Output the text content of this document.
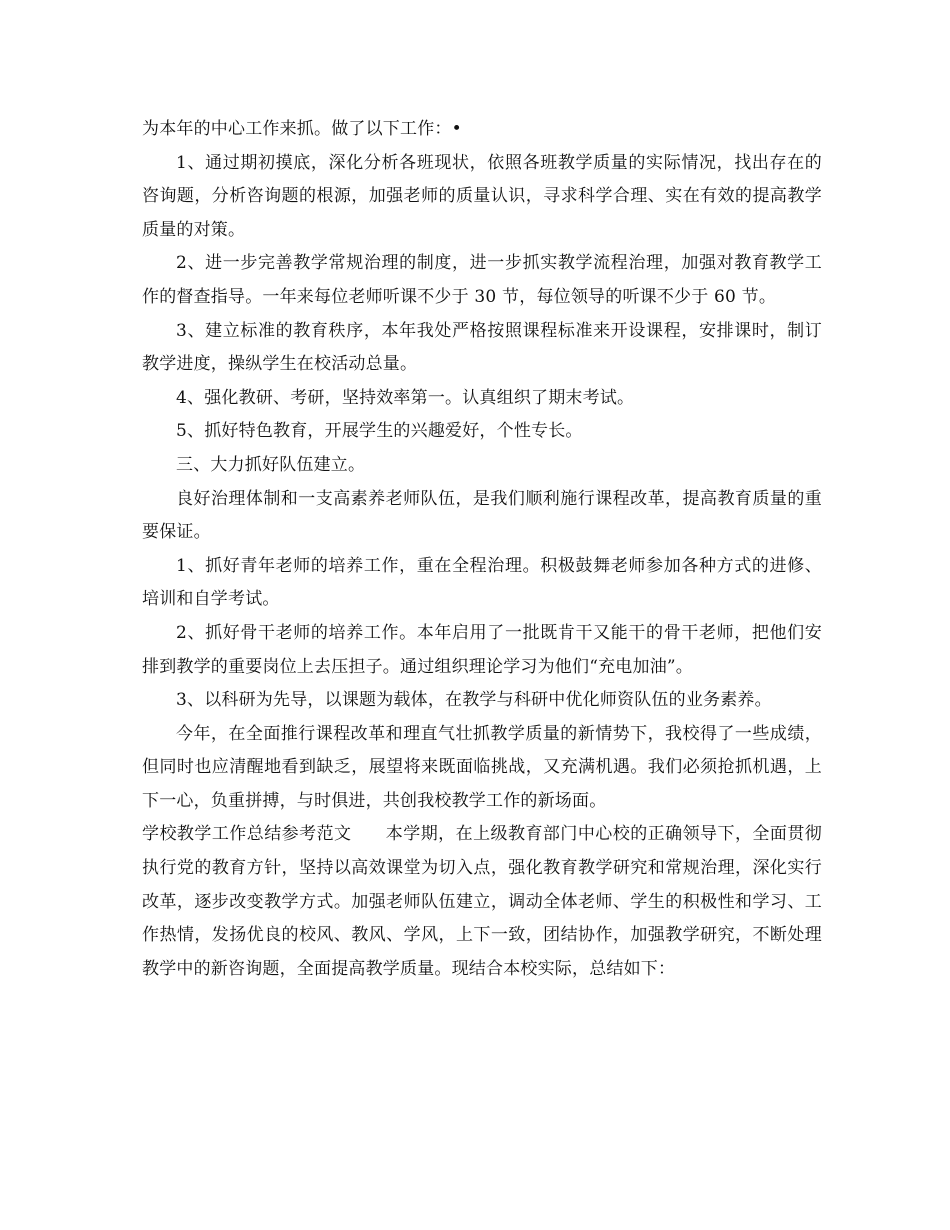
为本年的中心工作来抓。做了以下工作：•

1、通过期初摸底，深化分析各班现状，依照各班教学质量的实际情况，找出存在的咨询题，分析咨询题的根源，加强老师的质量认识，寻求科学合理、实在有效的提高教学质量的对策。

2、进一步完善教学常规治理的制度，进一步抓实教学流程治理，加强对教育教学工作的督查指导。一年来每位老师听课不少于 30 节，每位领导的听课不少于 60 节。

3、建立标准的教育秩序，本年我处严格按照课程标准来开设课程，安排课时，制订教学进度，操纵学生在校活动总量。

4、强化教研、考研，坚持效率第一。认真组织了期末考试。

5、抓好特色教育，开展学生的兴趣爱好，个性专长。

三、大力抓好队伍建立。

良好治理体制和一支高素养老师队伍，是我们顺利施行课程改革，提高教育质量的重要保证。

1、抓好青年老师的培养工作，重在全程治理。积极鼓舞老师参加各种方式的进修、培训和自学考试。

2、抓好骨干老师的培养工作。本年启用了一批既肯干又能干的骨干老师，把他们安排到教学的重要岗位上去压担子。通过组织理论学习为他们“充电加油”。

3、以科研为先导，以课题为载体，在教学与科研中优化师资队伍的业务素养。

今年，在全面推行课程改革和理直气壮抓教学质量的新情势下，我校得了一些成绩，但同时也应清醒地看到缺乏，展望将来既面临挑战，又充满机遇。我们必须抢抓机遇，上下一心，负重拼搏，与时俱进，共创我校教学工作的新场面。

学校教学工作总结参考范文 本学期，在上级教育部门中心校的正确领导下，全面贯彻执行党的教育方针，坚持以高效课堂为切入点，强化教育教学研究和常规治理，深化实行改革，逐步改变教学方式。加强老师队伍建立，调动全体老师、学生的积极性和学习、工作热情，发扬优良的校风、教风、学风，上下一致，团结协作，加强教学研究，不断处理教学中的新咨询题，全面提高教学质量。现结合本校实际，总结如下：
